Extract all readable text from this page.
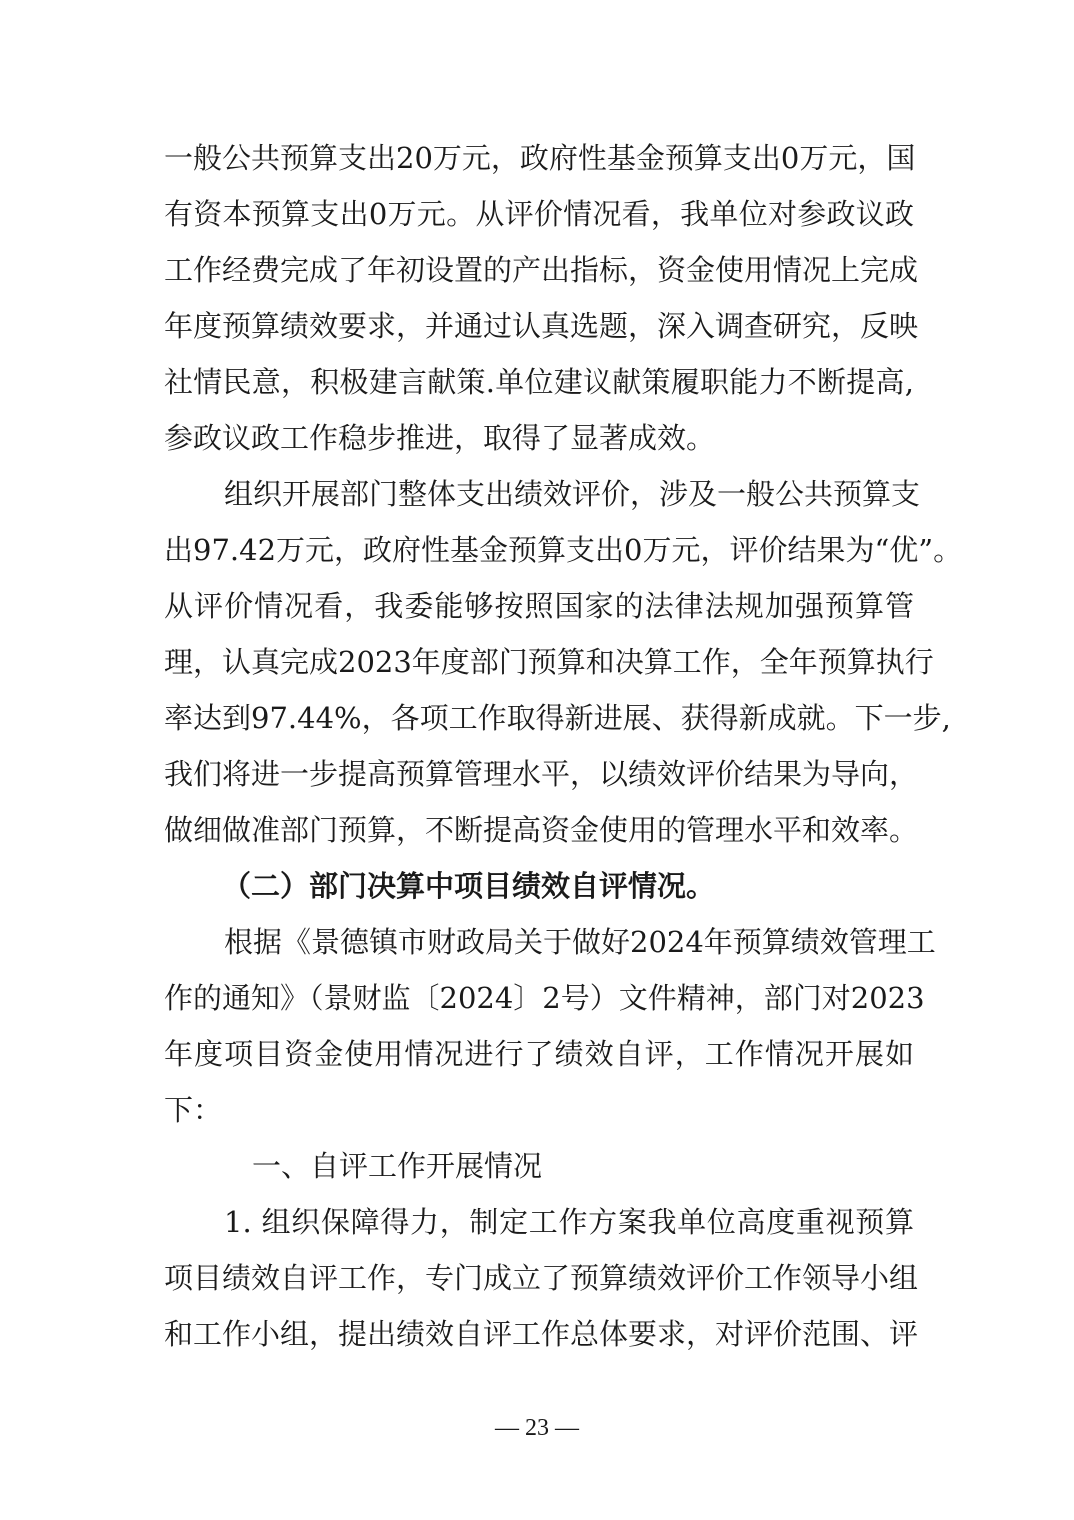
一般公共预算支出20万元，政府性基金预算支出0万元，国
有资本预算支出0万元。从评价情况看，我单位对参政议政
工作经费完成了年初设置的产出指标，资金使用情况上完成
年度预算绩效要求，并通过认真选题，深入调查研究，反映
社情民意，积极建言献策.单位建议献策履职能力不断提高,
参政议政工作稳步推进，取得了显著成效。
组织开展部门整体支出绩效评价，涉及一般公共预算支
出97.42万元，政府性基金预算支出0万元，评价结果为“优”。
从评价情况看，我委能够按照国家的法律法规加强预算管
理，认真完成2023年度部门预算和决算工作，全年预算执行
率达到97.44%，各项工作取得新进展、获得新成就。下一步,
我们将进一步提高预算管理水平，以绩效评价结果为导向，
做细做准部门预算，不断提高资金使用的管理水平和效率。
（二）部门决算中项目绩效自评情况。
根据《景德镇市财政局关于做好2024年预算绩效管理工
作的通知》（景财监〔2024〕2号）文件精神，部门对2023
年度项目资金使用情况进行了绩效自评，工作情况开展如
下：
一、自评工作开展情况
1. 组织保障得力，制定工作方案我单位高度重视预算
项目绩效自评工作，专门成立了预算绩效评价工作领导小组
和工作小组，提出绩效自评工作总体要求，对评价范围、评
— 23 —
